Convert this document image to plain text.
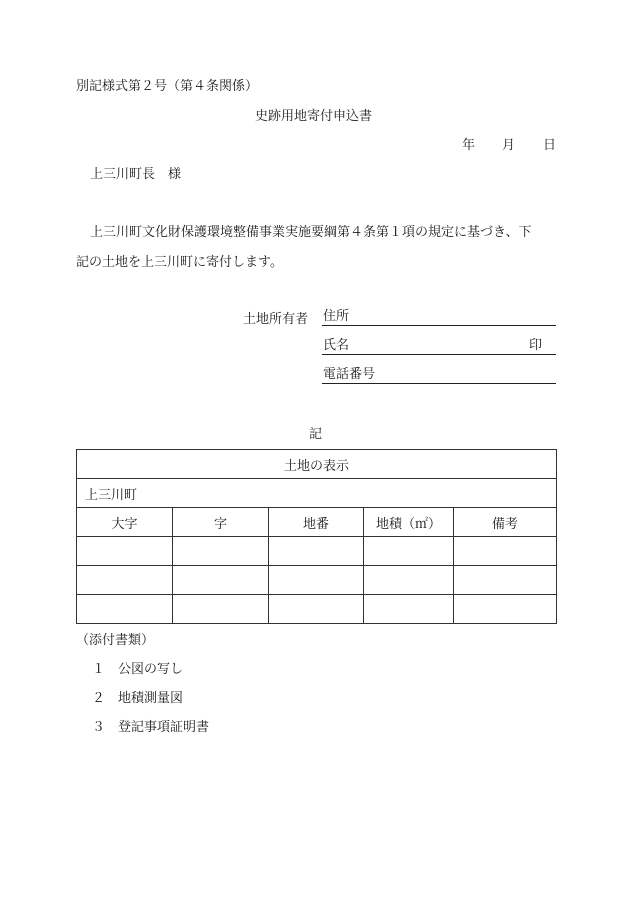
別記様式第２号（第４条関係）
史跡用地寄付申込書
年 月 日
上三川町長　様
上三川町文化財保護環境整備事業実施要綱第４条第１項の規定に基づき、下
記の土地を上三川町に寄付します。
土地所有者 住所
氏名	印
電話番号
記
土地の表示				
上三川町				
大字	字	地番	地積（㎡）	備考

（添付書類）
１ 公図の写し
２ 地積測量図
３ 登記事項証明書
